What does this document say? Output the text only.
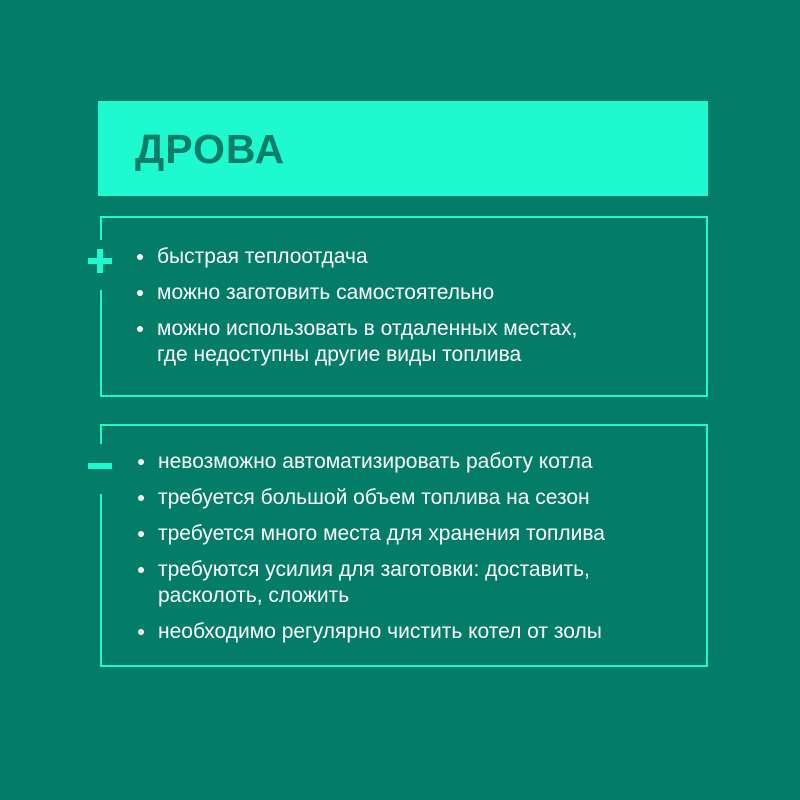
ДРОВА
быстрая теплоотдача
можно заготовить самостоятельно
можно использовать в отдаленных местах,
где недоступны другие виды топлива
невозможно автоматизировать работу котла
требуется большой объем топлива на сезон
требуется много места для хранения топлива
требуются усилия для заготовки: доставить,
расколоть, сложить
необходимо регулярно чистить котел от золы
